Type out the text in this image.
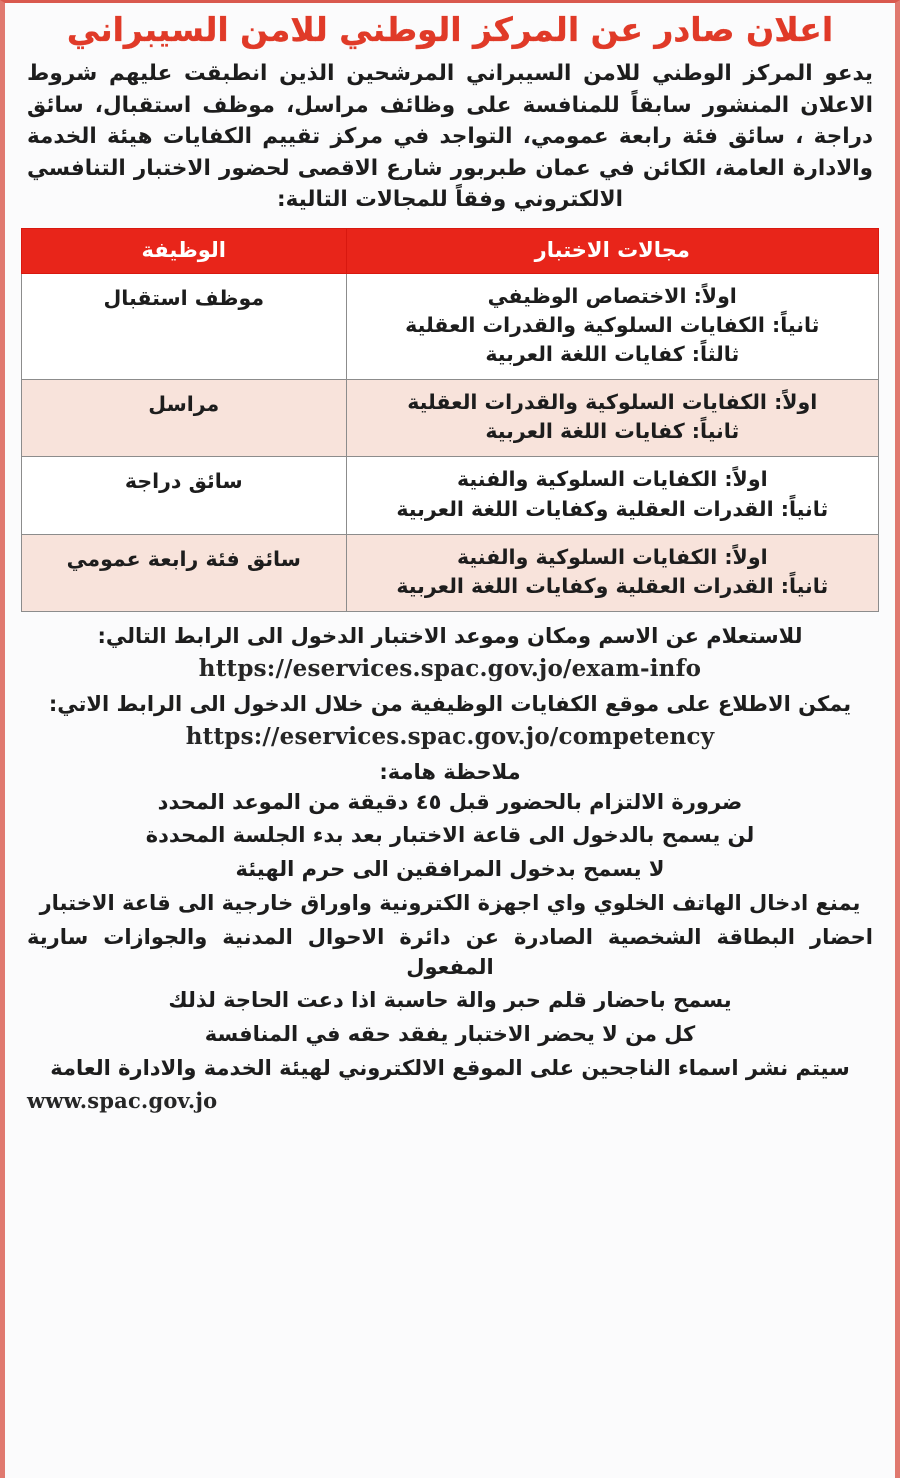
اعلان صادر عن المركز الوطني للامن السيبراني

يدعو المركز الوطني للامن السيبراني المرشحين الذين انطبقت عليهم شروط الاعلان المنشور سابقاً للمنافسة على وظائف مراسل، موظف استقبال، سائق دراجة ، سائق فئة رابعة عمومي، التواجد في مركز تقييم الكفايات هيئة الخدمة والادارة العامة، الكائن في عمان طبربور شارع الاقصى لحضور الاختبار التنافسي الالكتروني وفقاً للمجالات التالية:

مجالات الاختبار	الوظيفة

اولاً: الاختصاص الوظيفي
ثانياً: الكفايات السلوكية والقدرات العقلية
ثالثاً: كفايات اللغة العربية	موظف استقبال

اولاً: الكفايات السلوكية والقدرات العقلية
ثانياً: كفايات اللغة العربية	مراسل

اولاً: الكفايات السلوكية والفنية
ثانياً: القدرات العقلية وكفايات اللغة العربية	سائق دراجة

اولاً: الكفايات السلوكية والفنية
ثانياً: القدرات العقلية وكفايات اللغة العربية	سائق فئة رابعة عمومي

للاستعلام عن الاسم ومكان وموعد الاختبار الدخول الى الرابط التالي:

https://eservices.spac.gov.jo/exam-info

يمكن الاطلاع على موقع الكفايات الوظيفية من خلال الدخول الى الرابط الاتي:

https://eservices.spac.gov.jo/competency

ملاحظة هامة:

ضرورة الالتزام بالحضور قبل ٤٥ دقيقة من الموعد المحدد

لن يسمح بالدخول الى قاعة الاختبار بعد بدء الجلسة المحددة

لا يسمح بدخول المرافقين الى حرم الهيئة

يمنع ادخال الهاتف الخلوي واي اجهزة الكترونية واوراق خارجية الى قاعة الاختبار

احضار البطاقة الشخصية الصادرة عن دائرة الاحوال المدنية والجوازات سارية المفعول

يسمح باحضار قلم حبر والة حاسبة اذا دعت الحاجة لذلك

كل من لا يحضر الاختبار يفقد حقه في المنافسة

سيتم نشر اسماء الناجحين على الموقع الالكتروني لهيئة الخدمة والادارة العامة

www.spac.gov.jo
